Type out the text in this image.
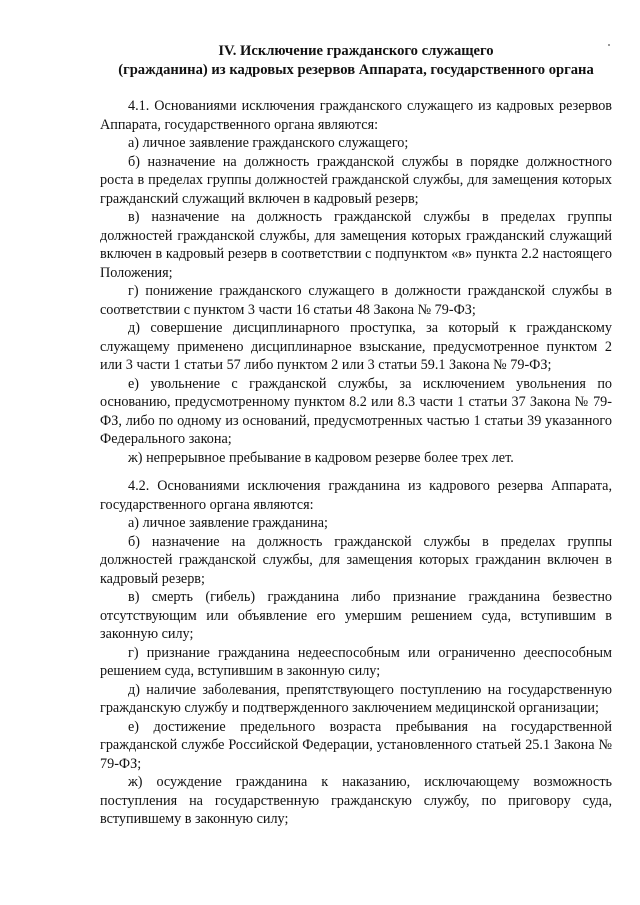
IV. Исключение гражданского служащего
(гражданина) из кадровых резервов Аппарата, государственного органа

4.1. Основаниями исключения гражданского служащего из кадровых резервов Аппарата, государственного органа являются:

а) личное заявление гражданского служащего;

б) назначение на должность гражданской службы в порядке должностного роста в пределах группы должностей гражданской службы, для замещения которых гражданский служащий включен в кадровый резерв;

в) назначение на должность гражданской службы в пределах группы должностей гражданской службы, для замещения которых гражданский служащий включен в кадровый резерв в соответствии с подпунктом «в» пункта 2.2 настоящего Положения;

г) понижение гражданского служащего в должности гражданской службы в соответствии с пунктом 3 части 16 статьи 48 Закона № 79-ФЗ;

д) совершение дисциплинарного проступка, за который к гражданскому служащему применено дисциплинарное взыскание, предусмотренное пунктом 2 или 3 части 1 статьи 57 либо пунктом 2 или 3 статьи 59.1 Закона № 79-ФЗ;

е) увольнение с гражданской службы, за исключением увольнения по основанию, предусмотренному пунктом 8.2 или 8.3 части 1 статьи 37 Закона № 79-ФЗ, либо по одному из оснований, предусмотренных частью 1 статьи 39 указанного Федерального закона;

ж) непрерывное пребывание в кадровом резерве более трех лет.

4.2. Основаниями исключения гражданина из кадрового резерва Аппарата, государственного органа являются:

а) личное заявление гражданина;

б) назначение на должность гражданской службы в пределах группы должностей гражданской службы, для замещения которых гражданин включен в кадровый резерв;

в) смерть (гибель) гражданина либо признание гражданина безвестно отсутствующим или объявление его умершим решением суда, вступившим в законную силу;

г) признание гражданина недееспособным или ограниченно дееспособным решением суда, вступившим в законную силу;

д) наличие заболевания, препятствующего поступлению на государственную гражданскую службу и подтвержденного заключением медицинской организации;

е) достижение предельного возраста пребывания на государственной гражданской службе Российской Федерации, установленного статьей 25.1 Закона № 79-ФЗ;

ж) осуждение гражданина к наказанию, исключающему возможность поступления на государственную гражданскую службу, по приговору суда, вступившему в законную силу;
